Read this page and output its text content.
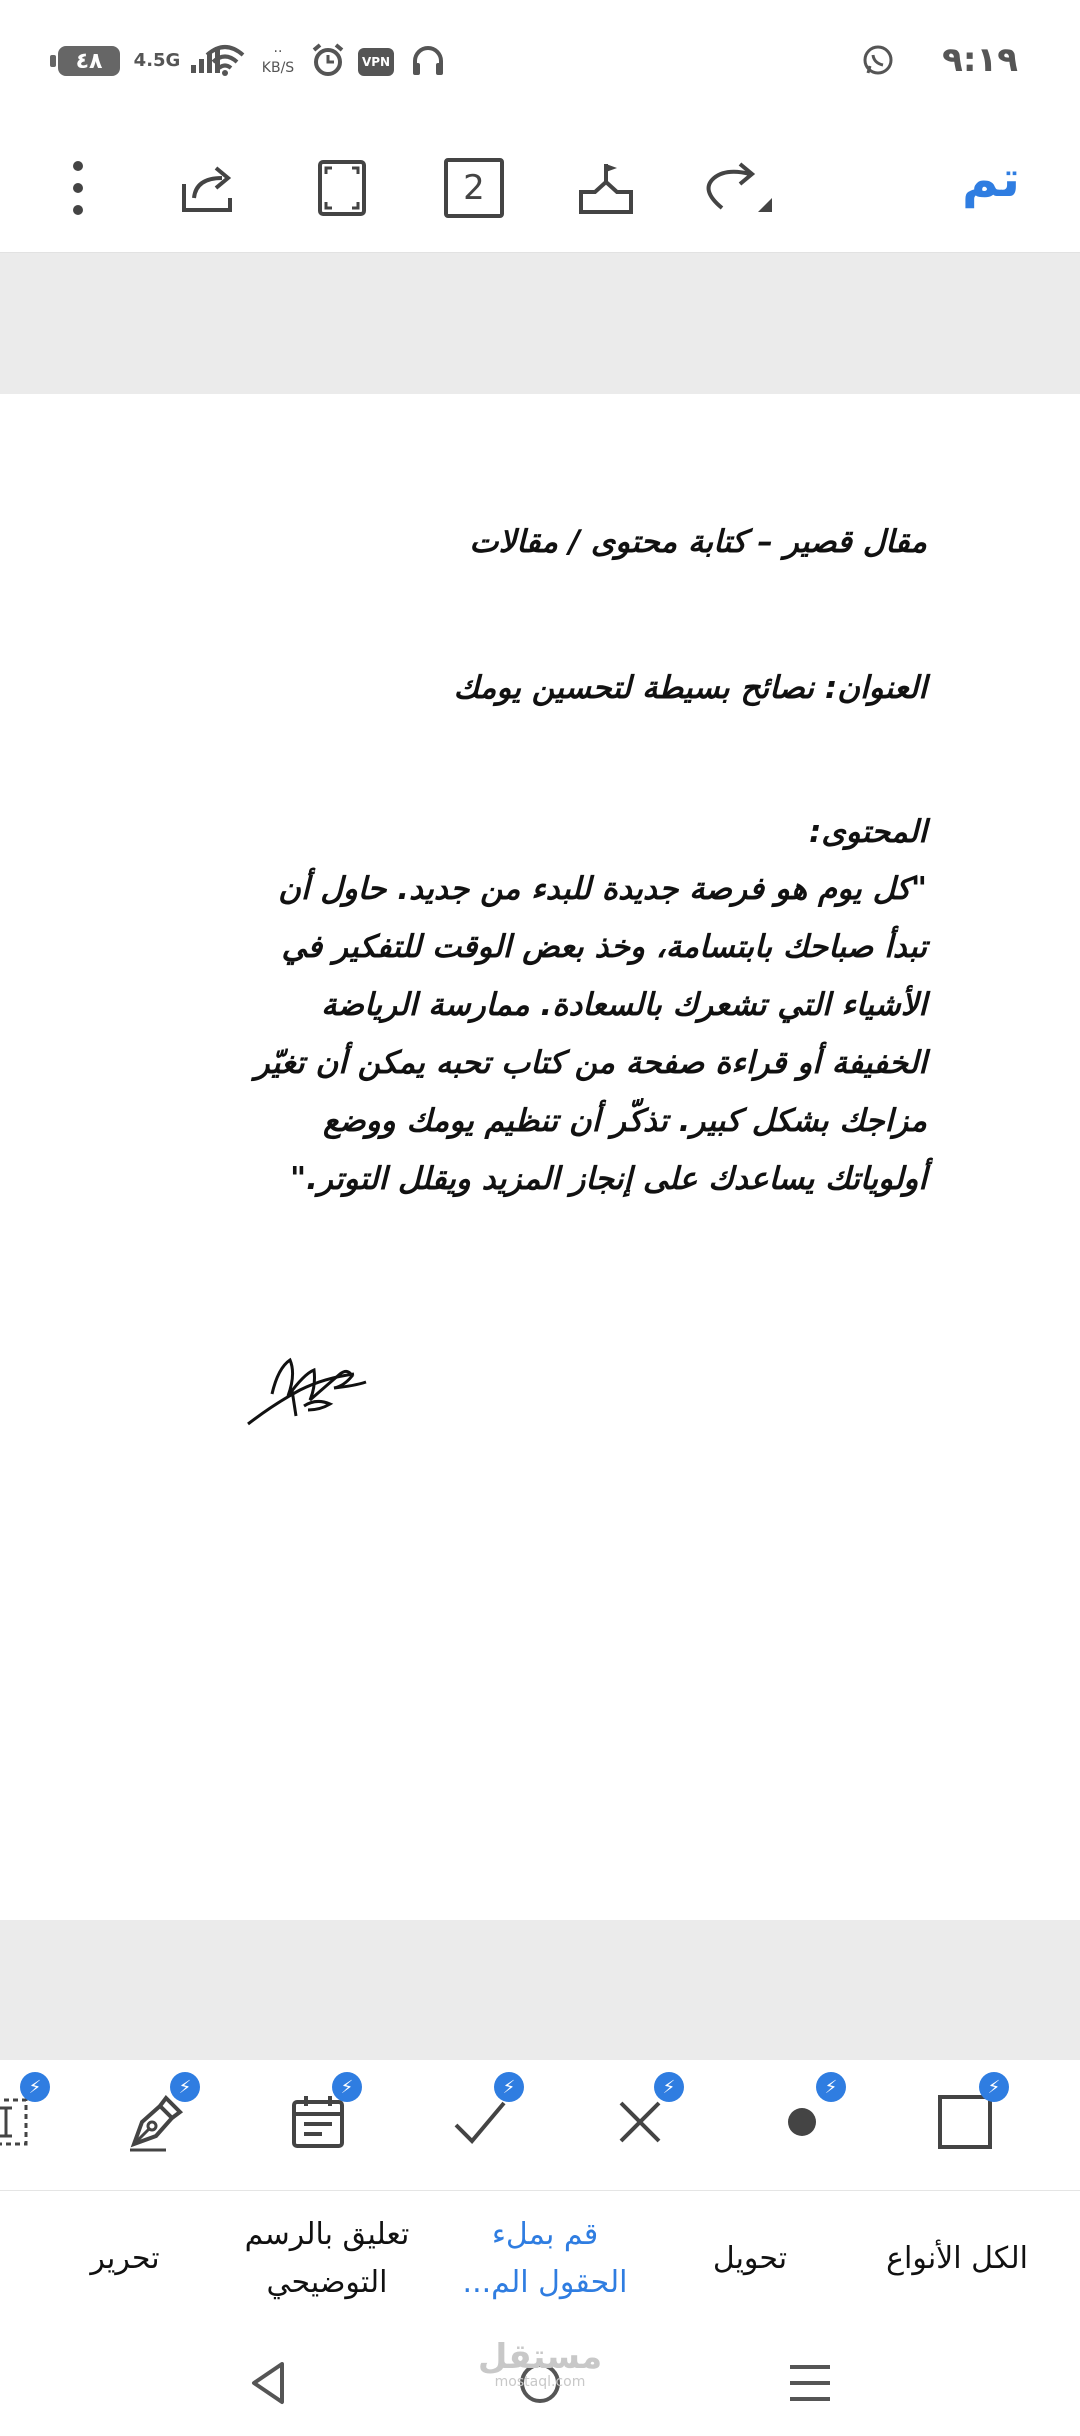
٤٨	4.5G	··
KB/S	VPN	٩:١٩
2	تم
مقال قصير – كتابة محتوى / مقالات
العنوان: نصائح بسيطة لتحسين يومك
المحتوى:
"كل يوم هو فرصة جديدة للبدء من جديد. حاول أن
تبدأ صباحك بابتسامة، وخذ بعض الوقت للتفكير في
الأشياء التي تشعرك بالسعادة. ممارسة الرياضة
الخفيفة أو قراءة صفحة من كتاب تحبه يمكن أن تغيّر
مزاجك بشكل كبير. تذكّر أن تنظيم يومك ووضع
أولوياتك يساعدك على إنجاز المزيد ويقلل التوتر."
⚡
⚡
⚡
⚡
⚡
⚡
⚡
الكل الأنواع
تحويل
قم بملء
الحقول الم...
تعليق بالرسم
التوضيحي
تحرير
مستقل
mostaql.com
